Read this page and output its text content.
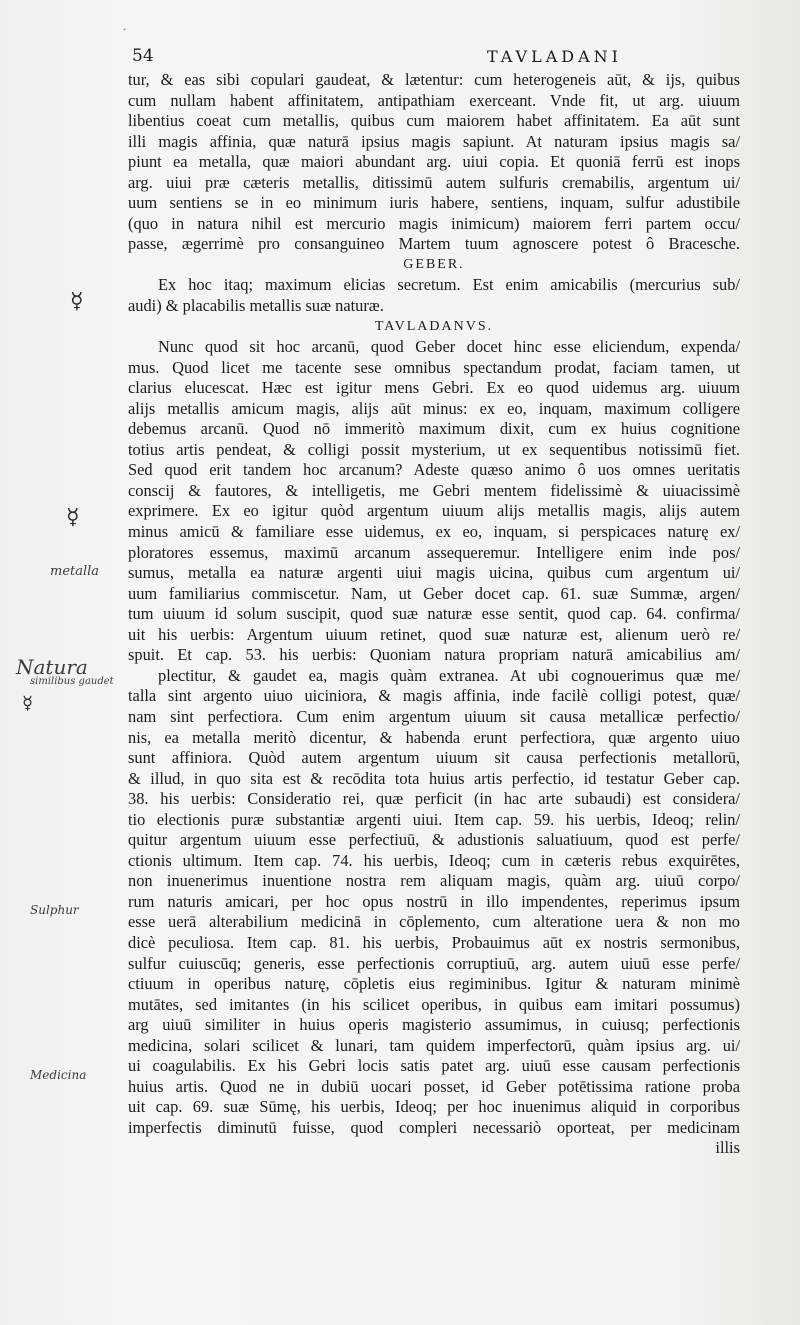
¸
54	TAVLADANI
tur, & eas sibi copulari gaudeat, & lætentur: cum heterogeneis aūt, & ijs, quibus
cum nullam habent affinitatem, antipathiam exerceant. Vnde fit, ut arg. uiuum
libentius coeat cum metallis, quibus cum maiorem habet affinitatem. Ea aūt sunt
illi magis affinia, quæ naturā ipsius magis sapiunt. At naturam ipsius magis sa/
piunt ea metalla, quæ maiori abundant arg. uiui copia. Et quoniā ferrū est inops
arg. uiui præ cæteris metallis, ditissimū autem sulfuris cremabilis, argentum ui/
uum sentiens se in eo minimum iuris habere, sentiens, inquam, sulfur adustibile
(quo in natura nihil est mercurio magis inimicum) maiorem ferri partem occu/
passe, ægerrimè pro consanguineo Martem tuum agnoscere potest ô Bracesche.
GEBER.
Ex hoc itaq; maximum elicias secretum. Est enim amicabilis (mercurius sub/
audi) & placabilis metallis suæ naturæ.
TAVLADANVS.
Nunc quod sit hoc arcanū, quod Geber docet hinc esse eliciendum, expenda/
mus. Quod licet me tacente sese omnibus spectandum prodat, faciam tamen, ut
clarius elucescat. Hæc est igitur mens Gebri. Ex eo quod uidemus arg. uiuum
alijs metallis amicum magis, alijs aūt minus: ex eo, inquam, maximum colligere
debemus arcanū. Quod nō immeritò maximum dixit, cum ex huius cognitione
totius artis pendeat, & colligi possit mysterium, ut ex sequentibus notissimū fiet.
Sed quod erit tandem hoc arcanum? Adeste quæso animo ô uos omnes ueritatis
conscij & fautores, & intelligetis, me Gebri mentem fidelissimè & uiuacissimè
exprimere. Ex eo igitur quòd argentum uiuum alijs metallis magis, alijs autem
minus amicū & familiare esse uidemus, ex eo, inquam, si perspicaces naturę ex/
ploratores essemus, maximū arcanum assequeremur. Intelligere enim inde pos/
sumus, metalla ea naturæ argenti uiui magis uicina, quibus cum argentum ui/
uum familiarius commiscetur. Nam, ut Geber docet cap. 61. suæ Summæ, argen/
tum uiuum id solum suscipit, quod suæ naturæ esse sentit, quod cap. 64. confirma/
uit his uerbis: Argentum uiuum retinet, quod suæ naturæ est, alienum uerò re/
spuit. Et cap. 53. his uerbis: Quoniam natura propriam naturā amicabilius am/
plectitur, & gaudet ea, magis quàm extranea. At ubi cognouerimus quæ me/
talla sint argento uiuo uiciniora, & magis affinia, inde facilè colligi potest, quæ/
nam sint perfectiora. Cum enim argentum uiuum sit causa metallicæ perfectio/
nis, ea metalla meritò dicentur, & habenda erunt perfectiora, quæ argento uiuo
sunt affiniora. Quòd autem argentum uiuum sit causa perfectionis metallorū,
& illud, in quo sita est & recōdita tota huius artis perfectio, id testatur Geber cap.
38. his uerbis: Consideratio rei, quæ perficit (in hac arte subaudi) est considera/
tio electionis puræ substantiæ argenti uiui. Item cap. 59. his uerbis, Ideoq; relin/
quitur argentum uiuum esse perfectiuū, & adustionis saluatiuum, quod est perfe/
ctionis ultimum. Item cap. 74. his uerbis, Ideoq; cum in cæteris rebus exquirētes,
non inuenerimus inuentione nostra rem aliquam magis, quàm arg. uiuū corpo/
rum naturis amicari, per hoc opus nostrū in illo impendentes, reperimus ipsum
esse uerā alterabilium medicinā in cōplemento, cum alteratione uera & non mo
dicè peculiosa. Item cap. 81. his uerbis, Probauimus aūt ex nostris sermonibus,
sulfur cuiuscūq; generis, esse perfectionis corruptiuū, arg. autem uiuū esse perfe/
ctiuum in operibus naturę, cōpletis eius regiminibus. Igitur & naturam minimè
mutātes, sed imitantes (in his scilicet operibus, in quibus eam imitari possumus)
arg uiuū similiter in huius operis magisterio assumimus, in cuiusq; perfectionis
medicina, solari scilicet & lunari, tam quidem imperfectorū, quàm ipsius arg. ui/
ui coagulabilis. Ex his Gebri locis satis patet arg. uiuū esse causam perfectionis
huius artis. Quod ne in dubiū uocari posset, id Geber potētissima ratione proba
uit cap. 69. suæ Sūmę, his uerbis, Ideoq; per hoc inuenimus aliquid in corporibus
imperfectis diminutū fuisse, quod compleri necessariò oporteat, per medicinam
illis
☿
☿
metalla
Natura
similibus gaudet
☿
Sulphur
Medicina
